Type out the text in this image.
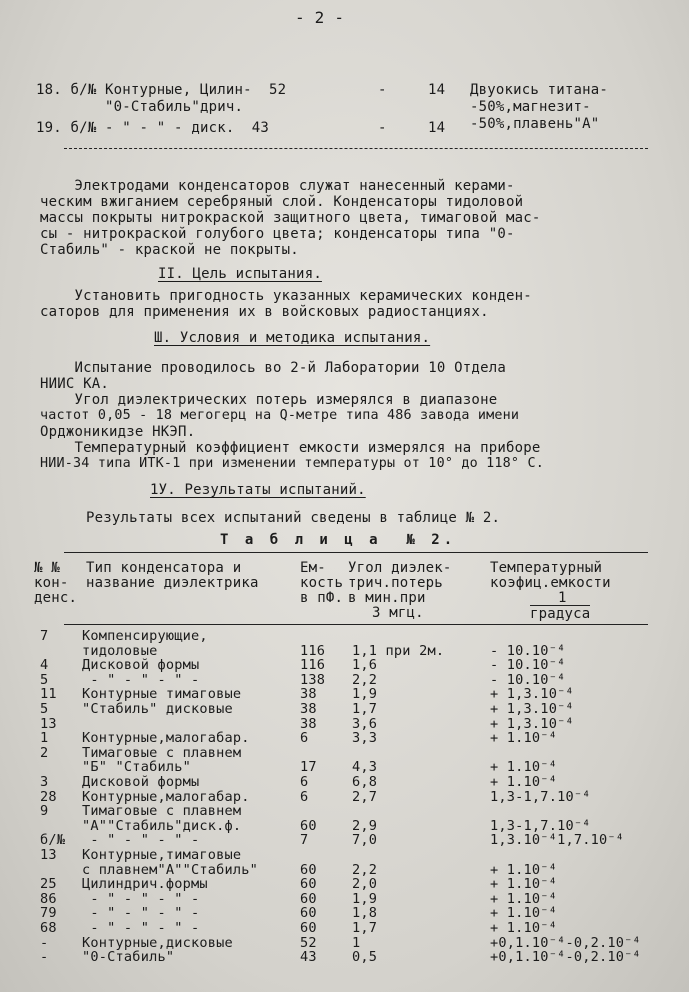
- 2 -
18. б/№ Контурные, Цилин-  52	-	14 Двуокись титана-
"0-Стабиль"дрич.	-50%,магнезит-
19. б/№ - " - " - диск.  43	-	14 -50%,плавень"А"
Электродами конденсаторов служат нанесенный керами-
ческим вжиганием серебряный слой. Конденсаторы тидоловой
массы покрыты нитрокраской защитного цвета, тимаговой мас-
сы - нитрокраской голубого цвета; конденсаторы типа "0-
Стабиль" - краской не покрыты.
II. Цель испытания.
Установить пригодность указанных керамических конден-
саторов для применения их в войсковых радиостанциях.
Ш. Условия и методика испытания.
Испытание проводилось во 2-й Лаборатории 10 Отдела
НИИС КА.
Угол диэлектрических потерь измерялся в диапазоне
частот 0,05 - 18 мегогерц на Q-метре типа 486 завода имени
Орджоникидзе НКЭП.
Температурный коэффициент емкости измерялся на приборе
НИИ-34 типа ИТК-1 при изменении температуры от 10° до 118° С.
1У. Результаты испытаний.
Результаты всех испытаний сведены в таблице № 2.
Т а б л и ц а  № 2.
№ №
кон-
денс.
Тип конденсатора и
название диэлектрика
Ем-
кость
в пФ.
Угол диэлек-
трич.потерь
в мин.при
3 мгц.
Температурный
коэфиц.емкости
1
градуса
7 Компенсирующие,
тидоловые	116 1,1 при 2м.	- 10.10⁻⁴
4 Дисковой формы	116 1,6	- 10.10⁻⁴
5 - " - " - " -	138 2,2	- 10.10⁻⁴
11 Контурные тимаговые	38	1,9	+ 1,3.10⁻⁴
5 "Стабиль" дисковые	38	1,7	+ 1,3.10⁻⁴
13	38	3,6	+ 1,3.10⁻⁴
1 Контурные,малогабар.	6	3,3	+ 1.10⁻⁴
2 Тимаговые с плавнем
"Б" "Стабиль"	17	4,3	+ 1.10⁻⁴
3 Дисковой формы	6	6,8	+ 1.10⁻⁴
28 Контурные,малогабар.	6	2,7	1,3-1,7.10⁻⁴
9 Тимаговые с плавнем
"А""Стабиль"диск.ф.	60	2,9	1,3-1,7.10⁻⁴
б/№ - " - " - " -	7	7,0	1,3.10⁻⁴1,7.10⁻⁴
13 Контурные,тимаговые
с плавнем"А""Стабиль"	60	2,2	+ 1.10⁻⁴
25 Цилиндрич.формы	60	2,0	+ 1.10⁻⁴
86 - " - " - " -	60	1,9	+ 1.10⁻⁴
79 - " - " - " -	60	1,8	+ 1.10⁻⁴
68 - " - " - " -	60	1,7	+ 1.10⁻⁴
- Контурные,дисковые	52	1	+0,1.10⁻⁴-0,2.10⁻⁴
- "0-Стабиль"	43	0,5	+0,1.10⁻⁴-0,2.10⁻⁴
